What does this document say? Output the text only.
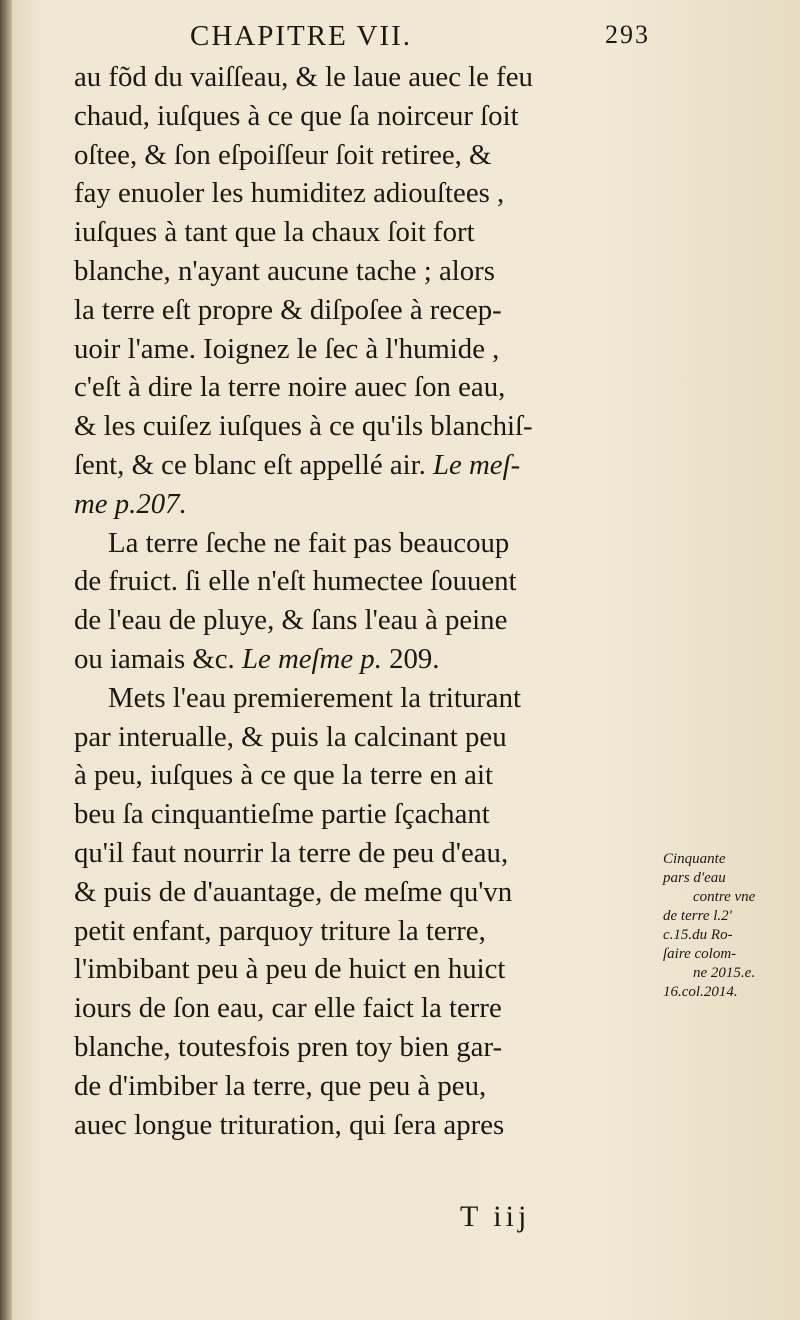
CHAPITRE VII.	293
au fõd du vaiſſeau, & le laue auec le feu
chaud, iuſques à ce que ſa noirceur ſoit
oſtee, & ſon eſpoiſſeur ſoit retiree, &
fay enuoler les humiditez adiouſtees ,
iuſques à tant que la chaux ſoit fort
blanche, n'ayant aucune tache ; alors
la terre eſt propre & diſpoſee à recep-
uoir l'ame. Ioignez le ſec à l'humide ,
c'eſt à dire la terre noire auec ſon eau,
& les cuiſez iuſques à ce qu'ils blanchiſ-
ſent, & ce blanc eſt appellé air. Le meſ-
me p.207.
La terre ſeche ne fait pas beaucoup
de fruict. ſi elle n'eſt humectee ſouuent
de l'eau de pluye, & ſans l'eau à peine
ou iamais &c. Le meſme p. 209.
Mets l'eau premierement la triturant
par interualle, & puis la calcinant peu
à peu, iuſques à ce que la terre en ait
beu ſa cinquantieſme partie ſçachant
qu'il faut nourrir la terre de peu d'eau,
& puis de d'auantage, de meſme qu'vn
petit enfant, parquoy triture la terre,
l'imbibant peu à peu de huict en huict
iours de ſon eau, car elle faict la terre
blanche, toutesfois pren toy bien gar-
de d'imbiber la terre, que peu à peu,
auec longue trituration, qui ſera apres
Cinquante
pars d'eau
contre vne
de terre l.2'
c.15.du Ro-
ſaire colom-
ne 2015.e.
16.col.2014.
T iij
